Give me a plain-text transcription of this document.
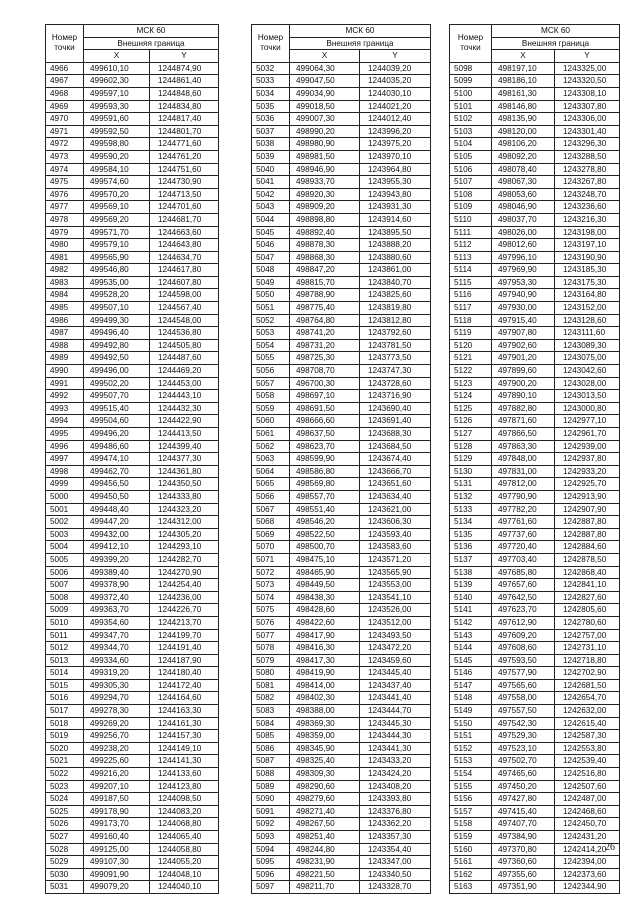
Номер точки	МСК 60	
	Внешняя граница	
	X	Y
4966	499610,10	1244874,90
4967	499602,30	1244861,40
4968	499597,10	1244848,60
4969	499593,30	1244834,80
4970	499591,60	1244817,40
4971	499592,50	1244801,70
4972	499598,80	1244771,60
4973	499590,20	1244761,20
4974	499584,10	1244751,60
4975	499574,60	1244730,90
4976	499570,20	1244713,50
4977	499569,10	1244701,60
4978	499569,20	1244681,70
4979	499571,70	1244663,60
4980	499579,10	1244643,80
4981	499565,90	1244634,70
4982	499546,80	1244617,80
4983	499535,00	1244607,80
4984	499528,20	1244598,00
4985	499507,10	1244567,40
4986	499499,30	1244548,00
4987	499496,40	1244536,80
4988	499492,80	1244505,80
4989	499492,50	1244487,60
4990	499496,00	1244469,20
4991	499502,20	1244453,00
4992	499507,70	1244443,10
4993	499515,40	1244432,30
4994	499504,60	1244422,90
4995	499496,20	1244413,50
4996	499486,60	1244399,40
4997	499474,10	1244377,30
4998	499462,70	1244361,80
4999	499456,50	1244350,50
5000	499450,50	1244333,80
5001	499448,40	1244323,20
5002	499447,20	1244312,00
5003	499432,00	1244305,20
5004	499412,10	1244293,10
5005	499399,20	1244282,70
5006	499389,40	1244270,90
5007	499378,90	1244254,40
5008	499372,40	1244236,00
5009	499363,70	1244226,70
5010	499354,60	1244213,70
5011	499347,70	1244199,70
5012	499344,70	1244191,40
5013	499334,60	1244187,90
5014	499319,20	1244180,40
5015	499305,30	1244172,40
5016	499294,70	1244164,60
5017	499278,30	1244163,30
5018	499269,20	1244161,30
5019	499256,70	1244157,30
5020	499238,20	1244149,10
5021	499225,60	1244141,30
5022	499216,20	1244133,60
5023	499207,10	1244123,80
5024	499187,50	1244098,50
5025	499178,90	1244083,20
5026	499173,70	1244068,80
5027	499160,40	1244065,40
5028	499125,00	1244058,80
5029	499107,30	1244055,20
5030	499091,90	1244048,10
5031	499079,20	1244040,10
Номер точки	МСК 60	
	Внешняя граница	
	X	Y
5032	499064,30	1244039,20
5033	499047,50	1244035,20
5034	499034,90	1244030,10
5035	499018,50	1244021,20
5036	499007,30	1244012,40
5037	498990,20	1243996,20
5038	498980,90	1243975,20
5039	498981,50	1243970,10
5040	498946,90	1243964,80
5041	498933,70	1243955,30
5042	498920,30	1243943,80
5043	498909,20	1243931,30
5044	498898,80	1243914,60
5045	498892,40	1243895,50
5046	498878,30	1243888,20
5047	498868,30	1243880,60
5048	498847,20	1243861,00
5049	498815,70	1243840,70
5050	498788,90	1243825,60
5051	498775,40	1243819,80
5052	498764,80	1243812,80
5053	498741,20	1243792,60
5054	498731,20	1243781,50
5055	498725,30	1243773,50
5056	498708,70	1243747,30
5057	496700,30	1243728,60
5058	498697,10	1243716,90
5059	498691,50	1243690,40
5060	498666,60	1243691,40
5061	498637,50	1243688,30
5062	498623,70	1243684,50
5063	498599,90	1243674,40
5064	498586,80	1243666,70
5065	498569,80	1243651,60
5066	498557,70	1243634,40
5067	498551,40	1243621,00
5068	498546,20	1243606,30
5069	498522,50	1243593,40
5070	498500,70	1243583,60
5071	498475,10	1243571,20
5072	498465,90	1243565,90
5073	498449,50	1243553,00
5074	498438,30	1243541,10
5075	498428,60	1243526,00
5076	498422,60	1243512,00
5077	498417,90	1243493,50
5078	498416,30	1243472,20
5079	498417,30	1243459,60
5080	498419,90	1243445,40
5081	498414,00	1243437,40
5082	498402,30	1243441,40
5083	498388,00	1243444,70
5084	498369,30	1243445,30
5085	498359,00	1243444,30
5086	498345,90	1243441,30
5087	498325,40	1243433,20
5088	498309,30	1243424,20
5089	498290,60	1243408,20
5090	498279,60	1243393,80
5091	498271,40	1243376,80
5092	498267,50	1243362,20
5093	498251,40	1243357,30
5094	498244,80	1243354,40
5095	498231,90	1243347,00
5096	498221,50	1243340,50
5097	498211,70	1243328,70
Номер точки	МСК 60	
	Внешняя граница	
	X	Y
5098	498197,10	1243325,00
5099	498186,10	1243320,50
5100	498161,30	1243308,10
5101	498146,80	1243307,80
5102	498135,90	1243306,00
5103	498120,00	1243301,40
5104	498106,20	1243296,30
5105	498092,20	1243288,50
5106	498078,40	1243278,80
5107	498067,30	1243267,80
5108	498053,60	1243248,70
5109	498046,90	1243236,60
5110	498037,70	1243216,30
5111	498026,00	1243198,00
5112	498012,60	1243197,10
5113	497996,10	1243190,90
5114	497969,90	1243185,30
5115	497953,30	1243175,30
5116	497940,90	1243164,80
5117	497930,00	1243152,00
5118	497915,40	1243128,60
5119	497907,80	1243111,60
5120	497902,60	1243089,30
5121	497901,20	1243075,00
5122	497899,60	1243042,60
5123	497900,20	1243028,00
5124	497890,10	1243013,50
5125	497882,80	1243000,80
5126	497871,60	1242977,10
5127	497866,50	1242961,70
5128	497863,30	1242939,00
5129	497848,00	1242937,80
5130	497831,00	1242933,20
5131	497812,00	1242925,70
5132	497790,90	1242913,90
5133	497782,20	1242907,90
5134	497761,60	1242887,80
5135	497737,60	1242887,80
5136	497720,40	1242884,60
5137	497703,40	1242878,50
5138	497685,80	1242868,40
5139	497657,60	1242841,10
5140	497642,50	1242827,60
5141	497623,70	1242805,60
5142	497612,90	1242780,60
5143	497609,20	1242757,00
5144	497608,60	1242731,10
5145	497593,50	1242718,80
5146	497577,90	1242702,90
5147	497565,60	1242681,50
5148	497558,00	1242654,70
5149	497557,50	1242632,00
5150	497542,30	1242615,40
5151	497529,30	1242587,30
5152	497523,10	1242553,80
5153	497502,70	1242539,40
5154	497465,60	1242516,80
5155	497450,20	1242507,60
5156	497427,80	1242487,00
5157	497415,40	1242468,60
5158	497407,70	1242450,70
5159	497384,90	1242431,20
5160	497370,80	1242414,20
5161	497360,60	1242394,00
5162	497355,60	1242373,60
5163	497351,90	1242344,90
26
